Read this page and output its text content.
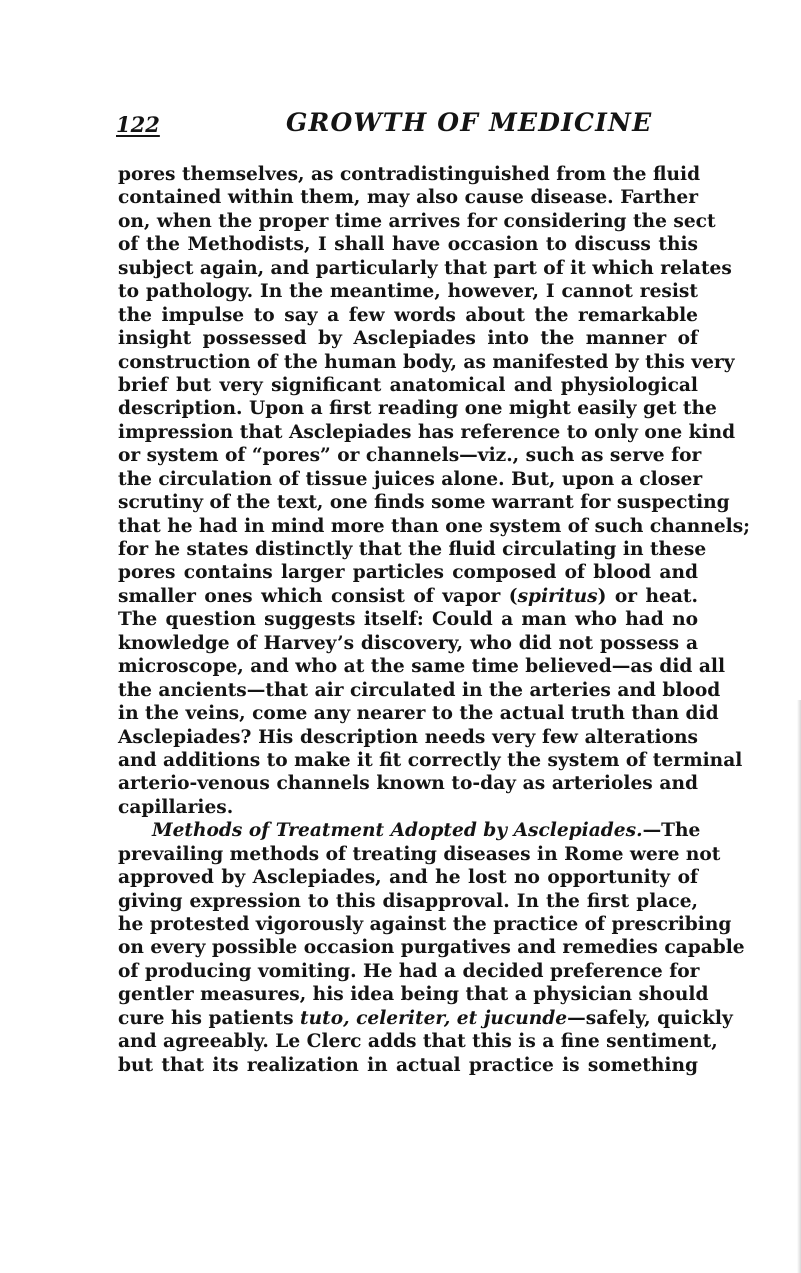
122	GROWTH OF MEDICINE
pores themselves, as contradistinguished from the fluid
contained within them, may also cause disease. Farther
on, when the proper time arrives for considering the sect
of the Methodists, I shall have occasion to discuss this
subject again, and particularly that part of it which relates
to pathology. In the meantime, however, I cannot resist
the impulse to say a few words about the remarkable
insight possessed by Asclepiades into the manner of
construction of the human body, as manifested by this very
brief but very significant anatomical and physiological
description. Upon a first reading one might easily get the
impression that Asclepiades has reference to only one kind
or system of “pores” or channels—viz., such as serve for
the circulation of tissue juices alone. But, upon a closer
scrutiny of the text, one finds some warrant for suspecting
that he had in mind more than one system of such channels;
for he states distinctly that the fluid circulating in these
pores contains larger particles composed of blood and
smaller ones which consist of vapor (spiritus) or heat.
The question suggests itself: Could a man who had no
knowledge of Harvey’s discovery, who did not possess a
microscope, and who at the same time believed—as did all
the ancients—that air circulated in the arteries and blood
in the veins, come any nearer to the actual truth than did
Asclepiades? His description needs very few alterations
and additions to make it fit correctly the system of terminal
arterio-venous channels known to-day as arterioles and
capillaries.
Methods of Treatment Adopted by Asclepiades.—The
prevailing methods of treating diseases in Rome were not
approved by Asclepiades, and he lost no opportunity of
giving expression to this disapproval. In the first place,
he protested vigorously against the practice of prescribing
on every possible occasion purgatives and remedies capable
of producing vomiting. He had a decided preference for
gentler measures, his idea being that a physician should
cure his patients tuto, celeriter, et jucunde—safely, quickly
and agreeably. Le Clerc adds that this is a fine sentiment,
but that its realization in actual practice is something
